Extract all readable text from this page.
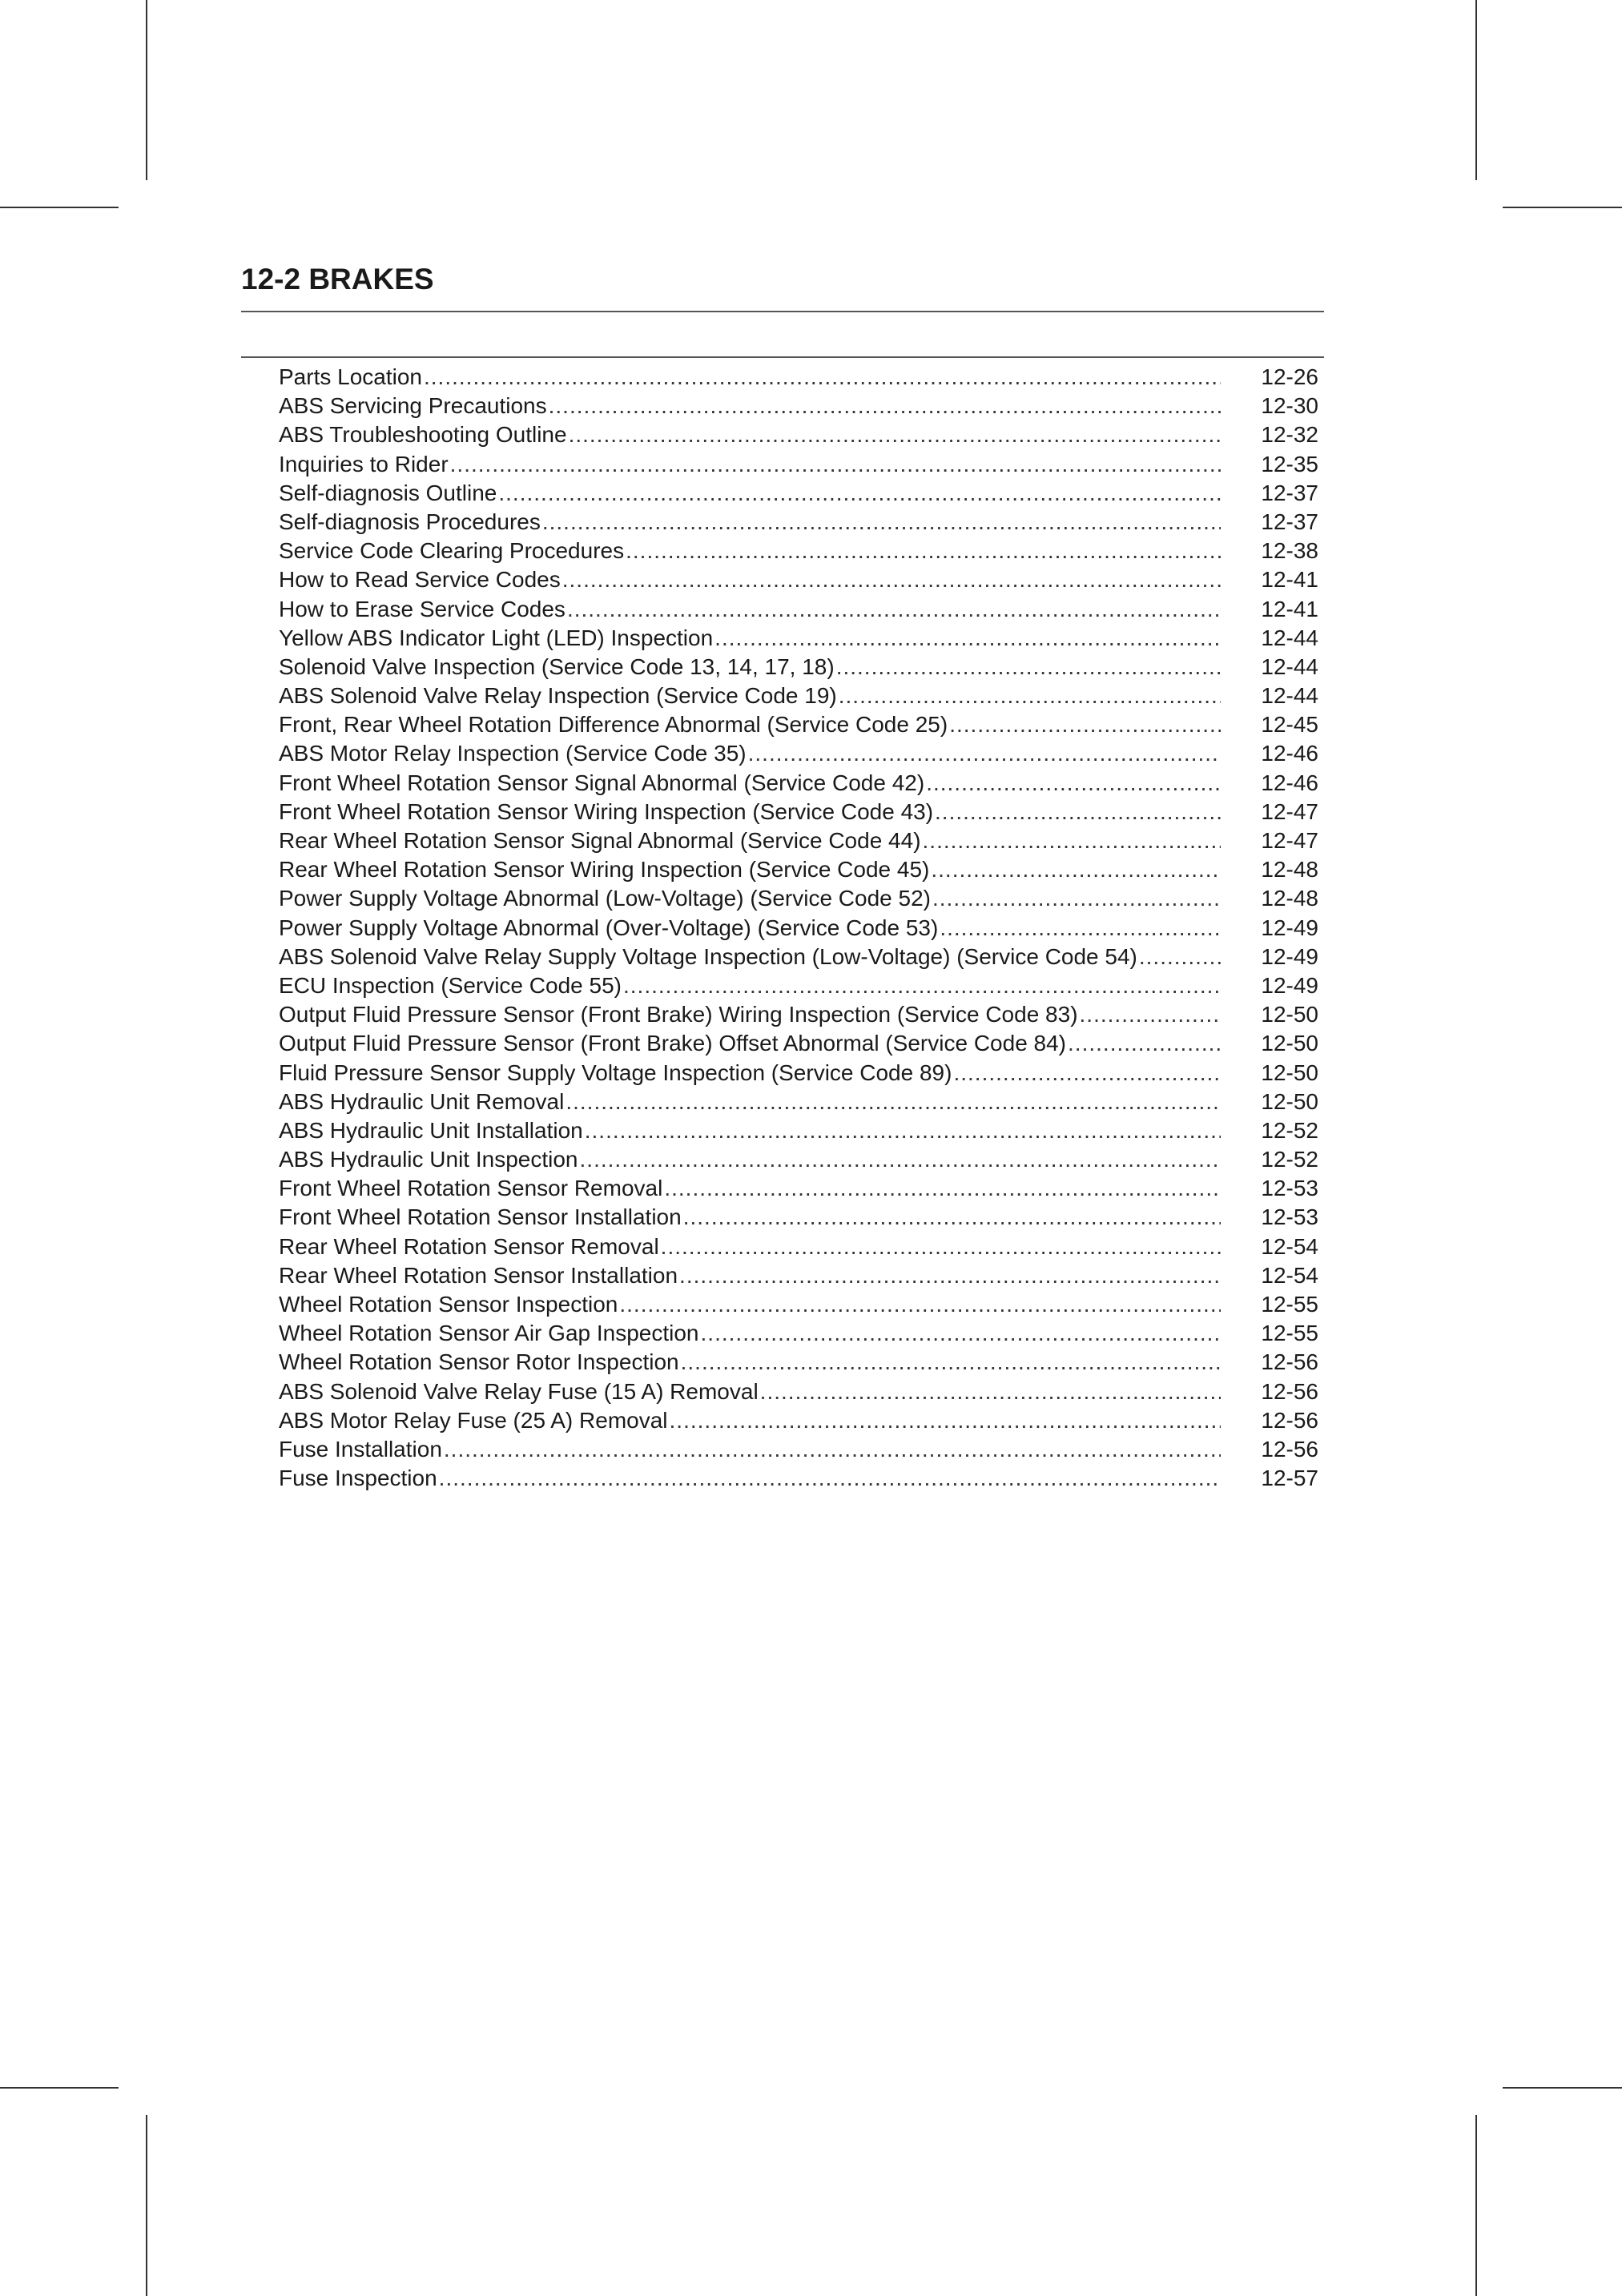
12-2 BRAKES
Parts Location .....	12-26
ABS Servicing Precautions .....	12-30
ABS Troubleshooting Outline .....	12-32
Inquiries to Rider .....	12-35
Self-diagnosis Outline .....	12-37
Self-diagnosis Procedures .....	12-37
Service Code Clearing Procedures .....	12-38
How to Read Service Codes .....	12-41
How to Erase Service Codes .....	12-41
Yellow ABS Indicator Light (LED) Inspection .....	12-44
Solenoid Valve Inspection (Service Code 13, 14, 17, 18) .....	12-44
ABS Solenoid Valve Relay Inspection (Service Code 19) .....	12-44
Front, Rear Wheel Rotation Difference Abnormal (Service Code 25) .....	12-45
ABS Motor Relay Inspection (Service Code 35) .....	12-46
Front Wheel Rotation Sensor Signal Abnormal (Service Code 42) .....	12-46
Front Wheel Rotation Sensor Wiring Inspection (Service Code 43) .....	12-47
Rear Wheel Rotation Sensor Signal Abnormal (Service Code 44) .....	12-47
Rear Wheel Rotation Sensor Wiring Inspection (Service Code 45) .....	12-48
Power Supply Voltage Abnormal (Low-Voltage) (Service Code 52) .....	12-48
Power Supply Voltage Abnormal (Over-Voltage) (Service Code 53) .....	12-49
ABS Solenoid Valve Relay Supply Voltage Inspection (Low-Voltage) (Service Code 54) .....	12-49
ECU Inspection (Service Code 55) .....	12-49
Output Fluid Pressure Sensor (Front Brake) Wiring Inspection (Service Code 83) .....	12-50
Output Fluid Pressure Sensor (Front Brake) Offset Abnormal (Service Code 84) .....	12-50
Fluid Pressure Sensor Supply Voltage Inspection (Service Code 89) .....	12-50
ABS Hydraulic Unit Removal .....	12-50
ABS Hydraulic Unit Installation .....	12-52
ABS Hydraulic Unit Inspection .....	12-52
Front Wheel Rotation Sensor Removal .....	12-53
Front Wheel Rotation Sensor Installation .....	12-53
Rear Wheel Rotation Sensor Removal .....	12-54
Rear Wheel Rotation Sensor Installation .....	12-54
Wheel Rotation Sensor Inspection .....	12-55
Wheel Rotation Sensor Air Gap Inspection .....	12-55
Wheel Rotation Sensor Rotor Inspection .....	12-56
ABS Solenoid Valve Relay Fuse (15 A) Removal .....	12-56
ABS Motor Relay Fuse (25 A) Removal .....	12-56
Fuse Installation .....	12-56
Fuse Inspection .....	12-57
